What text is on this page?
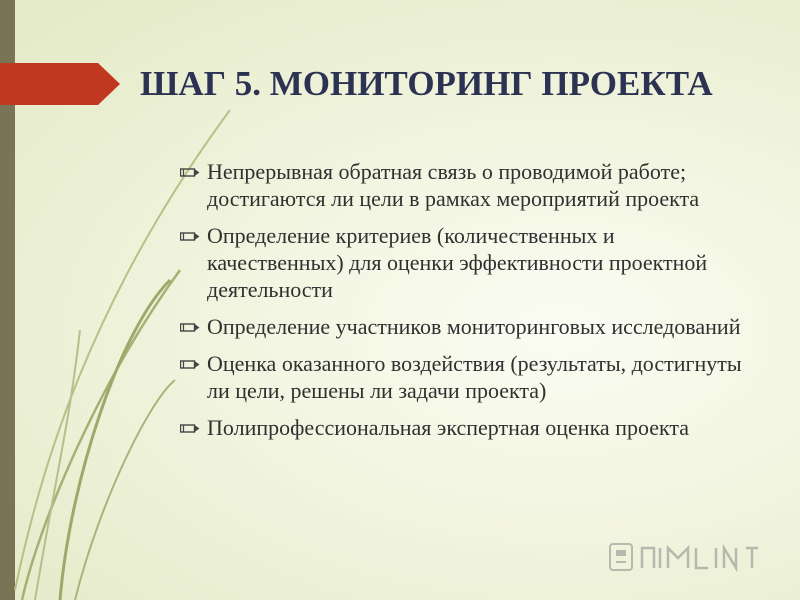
ШАГ 5. МОНИТОРИНГ ПРОЕКТА
Непрерывная обратная связь о проводимой работе; достигаются ли цели в рамках мероприятий проекта
Определение критериев (количественных и качественных) для оценки эффективности проектной деятельности
Определение участников мониторинговых исследований
Оценка оказанного воздействия (результаты, достигнуты ли цели, решены ли задачи проекта)
Полипрофессиональная экспертная оценка проекта
